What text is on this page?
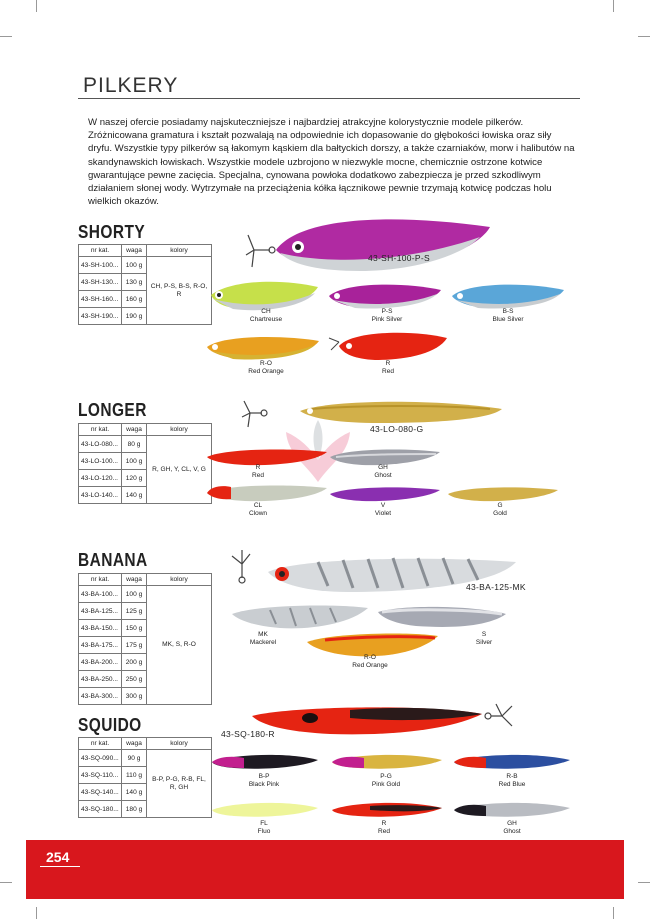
PILKERY
W naszej ofercie posiadamy najskuteczniejsze i najbardziej atrakcyjne kolorystycznie modele pilkerów. Zróżnicowana gramatura i kształt pozwalają na odpowiednie ich dopasowanie do głębokości łowiska oraz siły dryfu. Wszystkie typy pilkerów są łakomym kąskiem dla bałtyckich dorszy, a także czarniaków, morw i halibutów na skandynawskich łowiskach. Wszystkie modele uzbrojono w niezwykle mocne, chemicznie ostrzone kotwice gwarantujące pewne zacięcia. Specjalna, cynowana powłoka dodatkowo zabezpiecza je przed szkodliwym działaniem słonej wody. Wytrzymałe na przeciążenia kółka łącznikowe pewnie trzymają kotwicę podczas holu wielkich okazów.
SHORTY
nr kat.	waga	kolory
43-SH-100...	100 g	CH, P-S, B-S, R-O, R
43-SH-130...	130 g	
43-SH-160...	160 g	
43-SH-190...	190 g	
43-SH-100-P-S
CH
Chartreuse
P-S
Pink Silver
B-S
Blue Silver
R-O
Red Orange
R
Red
LONGER
nr kat.	waga	kolory
43-LO-080...	80 g	R, GH, Y, CL, V, G
43-LO-100...	100 g	
43-LO-120...	120 g	
43-LO-140...	140 g	
43-LO-080-G
R
Red
GH
Ghost
CL
Clown
V
Violet
G
Gold
BANANA
nr kat.	waga	kolory
43-BA-100...	100 g	MK, S, R-O
43-BA-125...	125 g	
43-BA-150...	150 g	
43-BA-175...	175 g	
43-BA-200...	200 g	
43-BA-250...	250 g	
43-BA-300...	300 g	
43-BA-125-MK
MK
Mackerel
S
Silver
R-O
Red Orange
SQUIDO
nr kat.	waga	kolory
43-SQ-090...	90 g	B-P, P-G, R-B, FL, R, GH
43-SQ-110...	110 g	
43-SQ-140...	140 g	
43-SQ-180...	180 g	
43-SQ-180-R
B-P
Black Pink
P-G
Pink Gold
R-B
Red Blue
FL
Fluo
R
Red
GH
Ghost
254
